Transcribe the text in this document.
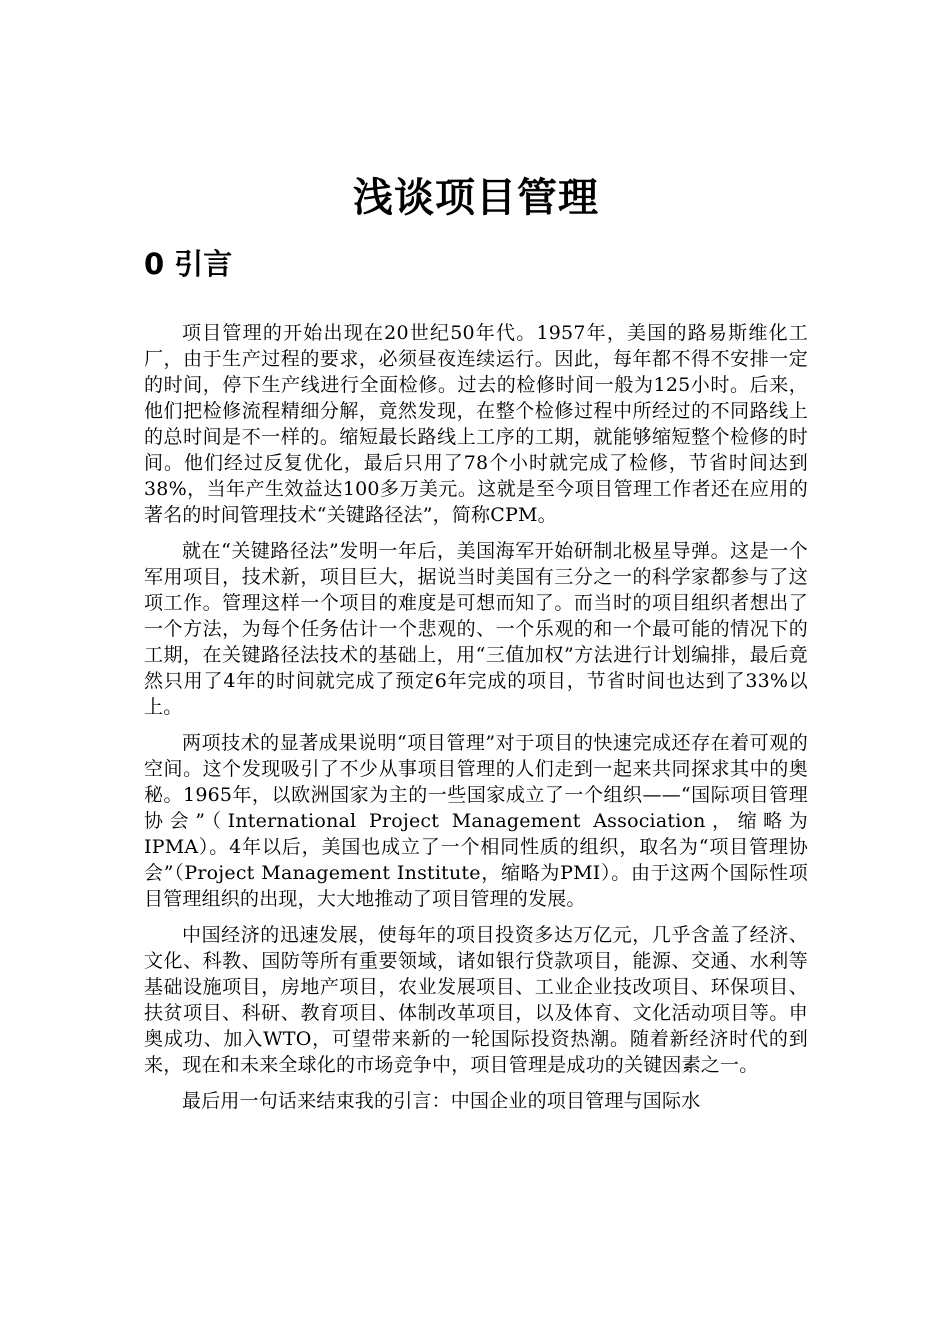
浅谈项目管理
0 引言

项目管理的开始出现在20世纪50年代。1957年，美国的路易斯维化工厂，由于生产过程的要求，必须昼夜连续运行。因此，每年都不得不安排一定的时间，停下生产线进行全面检修。过去的检修时间一般为125小时。后来，他们把检修流程精细分解，竟然发现，在整个检修过程中所经过的不同路线上的总时间是不一样的。缩短最长路线上工序的工期，就能够缩短整个检修的时间。他们经过反复优化，最后只用了78个小时就完成了检修，节省时间达到38%，当年产生效益达100多万美元。这就是至今项目管理工作者还在应用的著名的时间管理技术“关键路径法”，简称CPM。

就在“关键路径法”发明一年后，美国海军开始研制北极星导弹。这是一个军用项目，技术新，项目巨大，据说当时美国有三分之一的科学家都参与了这项工作。管理这样一个项目的难度是可想而知了。而当时的项目组织者想出了一个方法，为每个任务估计一个悲观的、一个乐观的和一个最可能的情况下的工期，在关键路径法技术的基础上，用“三值加权”方法进行计划编排，最后竟然只用了4年的时间就完成了预定6年完成的项目，节省时间也达到了33%以上。

两项技术的显著成果说明“项目管理”对于项目的快速完成还存在着可观的空间。这个发现吸引了不少从事项目管理的人们走到一起来共同探求其中的奥秘。1965年，以欧洲国家为主的一些国家成立了一个组织——“国际项目管理协会”（International Project Management Association，缩略为IPMA）。4年以后，美国也成立了一个相同性质的组织，取名为“项目管理协会”（Project Management Institute，缩略为PMI）。由于这两个国际性项目管理组织的出现，大大地推动了项目管理的发展。

中国经济的迅速发展，使每年的项目投资多达万亿元，几乎含盖了经济、文化、科教、国防等所有重要领域，诸如银行贷款项目，能源、交通、水利等基础设施项目，房地产项目，农业发展项目、工业企业技改项目、环保项目、扶贫项目、科研、教育项目、体制改革项目，以及体育、文化活动项目等。申奥成功、加入WTO，可望带来新的一轮国际投资热潮。随着新经济时代的到来，现在和未来全球化的市场竞争中，项目管理是成功的关键因素之一。

最后用一句话来结束我的引言：中国企业的项目管理与国际水
